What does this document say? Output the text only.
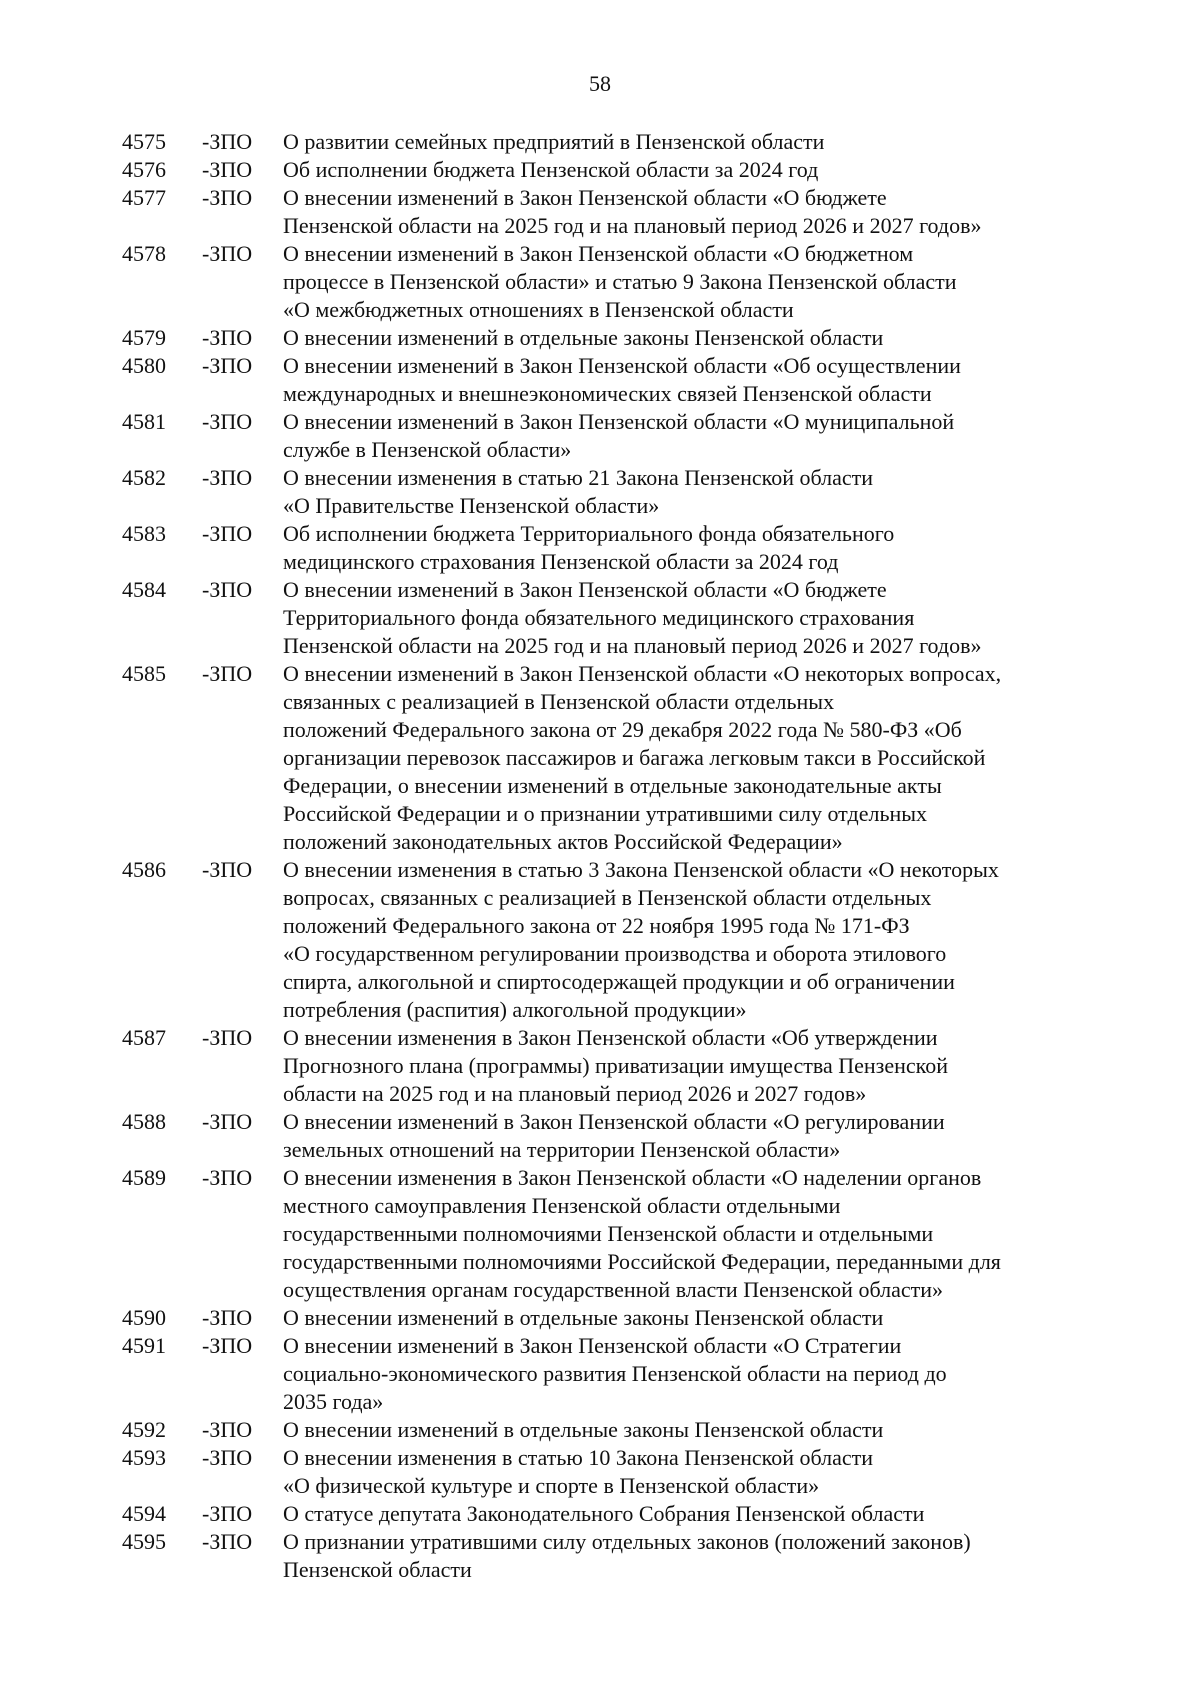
58
4575	-ЗПО	О развитии семейных предприятий в Пензенской области
4576	-ЗПО	Об исполнении бюджета Пензенской области за 2024 год
4577	-ЗПО	О внесении изменений в Закон Пензенской области «О бюджете
Пензенской области на 2025 год и на плановый период 2026 и 2027 годов»
4578	-ЗПО	О внесении изменений в Закон Пензенской области «О бюджетном
процессе в Пензенской области» и статью 9 Закона Пензенской области
«О межбюджетных отношениях в Пензенской области
4579	-ЗПО	О внесении изменений в отдельные законы Пензенской области
4580	-ЗПО	О внесении изменений в Закон Пензенской области «Об осуществлении
международных и внешнеэкономических связей Пензенской области
4581	-ЗПО	О внесении изменений в Закон Пензенской области «О муниципальной
службе в Пензенской области»
4582	-ЗПО	О внесении изменения в статью 21 Закона Пензенской области
«О Правительстве Пензенской области»
4583	-ЗПО	Об исполнении бюджета Территориального фонда обязательного
медицинского страхования Пензенской области за 2024 год
4584	-ЗПО	О внесении изменений в Закон Пензенской области «О бюджете
Территориального фонда обязательного медицинского страхования
Пензенской области на 2025 год и на плановый период 2026 и 2027 годов»
4585	-ЗПО	О внесении изменений в Закон Пензенской области «О некоторых вопросах,
связанных с реализацией в Пензенской области отдельных
положений Федерального закона от 29 декабря 2022 года № 580-ФЗ «Об
организации перевозок пассажиров и багажа легковым такси в Российской
Федерации, о внесении изменений в отдельные законодательные акты
Российской Федерации и о признании утратившими силу отдельных
положений законодательных актов Российской Федерации»
4586	-ЗПО	О внесении изменения в статью 3 Закона Пензенской области «О некоторых
вопросах, связанных с реализацией в Пензенской области отдельных
положений Федерального закона от 22 ноября 1995 года № 171-ФЗ
«О государственном регулировании производства и оборота этилового
спирта, алкогольной и спиртосодержащей продукции и об ограничении
потребления (распития) алкогольной продукции»
4587	-ЗПО	О внесении изменения в Закон Пензенской области «Об утверждении
Прогнозного плана (программы) приватизации имущества Пензенской
области на 2025 год и на плановый период 2026 и 2027 годов»
4588	-ЗПО	О внесении изменений в Закон Пензенской области «О регулировании
земельных отношений на территории Пензенской области»
4589	-ЗПО	О внесении изменения в Закон Пензенской области «О наделении органов
местного самоуправления Пензенской области отдельными
государственными полномочиями Пензенской области и отдельными
государственными полномочиями Российской Федерации, переданными для
осуществления органам государственной власти Пензенской области»
4590	-ЗПО	О внесении изменений в отдельные законы Пензенской области
4591	-ЗПО	О внесении изменений в Закон Пензенской области «О Стратегии
социально-экономического развития Пензенской области на период до
2035 года»
4592	-ЗПО	О внесении изменений в отдельные законы Пензенской области
4593	-ЗПО	О внесении изменения в статью 10 Закона Пензенской области
«О физической культуре и спорте в Пензенской области»
4594	-ЗПО	О статусе депутата Законодательного Собрания Пензенской области
4595	-ЗПО	О признании утратившими силу отдельных законов (положений законов)
Пензенской области
